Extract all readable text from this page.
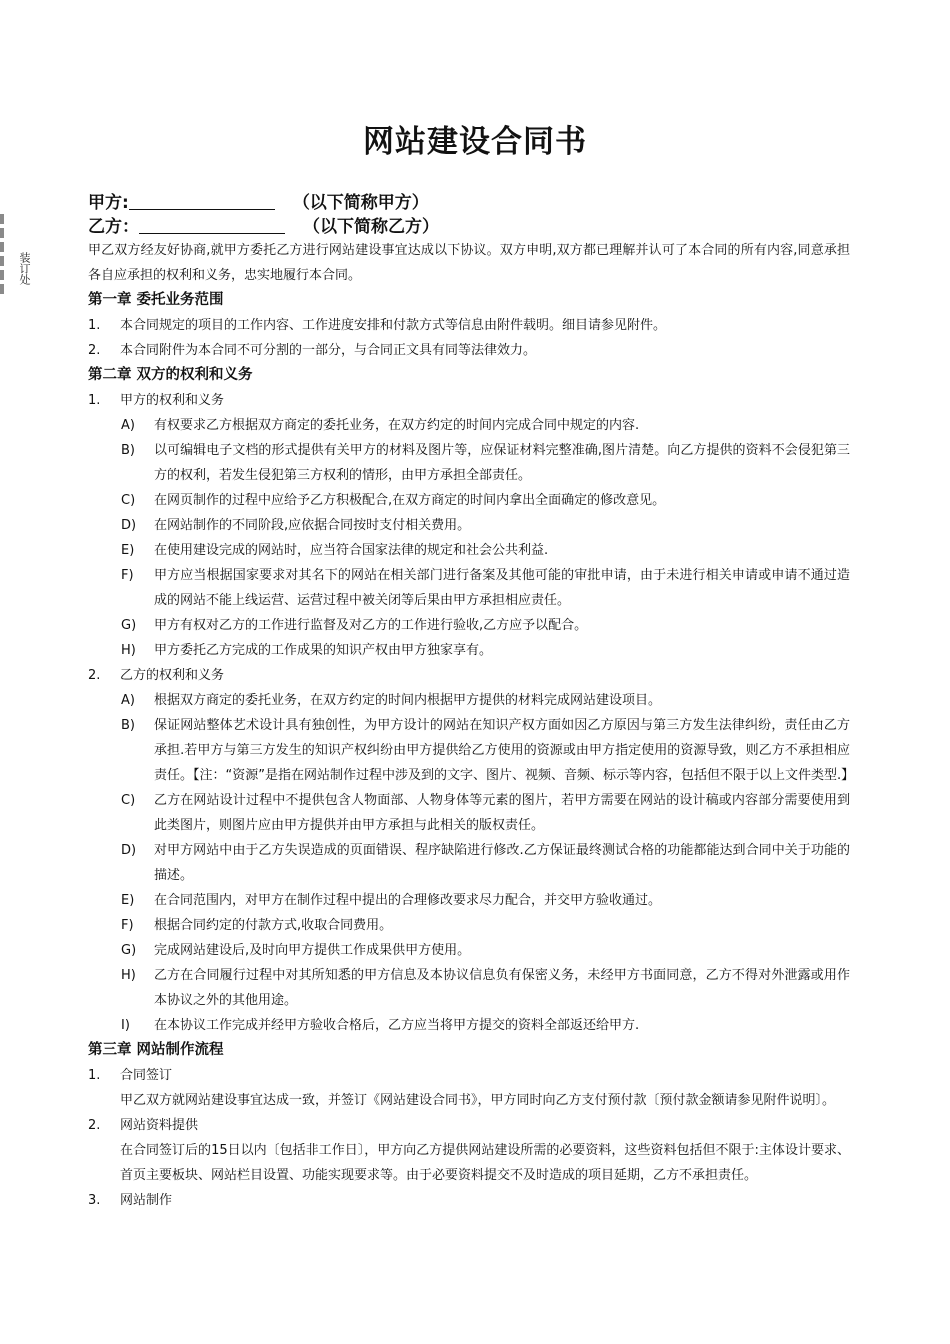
装订处
网站建设合同书
甲方:	（以下简称甲方）
乙方：	（以下简称乙方）
甲乙双方经友好协商,就甲方委托乙方进行网站建设事宜达成以下协议。双方申明,双方都已理解并认可了本合同的所有内容,同意承担各自应承担的权利和义务，忠实地履行本合同。
第一章 委托业务范围
1. 本合同规定的项目的工作内容、工作进度安排和付款方式等信息由附件载明。细目请参见附件。
2. 本合同附件为本合同不可分割的一部分，与合同正文具有同等法律效力。
第二章 双方的权利和义务
1. 甲方的权利和义务
A) 有权要求乙方根据双方商定的委托业务，在双方约定的时间内完成合同中规定的内容.
B) 以可编辑电子文档的形式提供有关甲方的材料及图片等，应保证材料完整准确,图片清楚。向乙方提供的资料不会侵犯第三方的权利，若发生侵犯第三方权利的情形，由甲方承担全部责任。
C) 在网页制作的过程中应给予乙方积极配合,在双方商定的时间内拿出全面确定的修改意见。
D) 在网站制作的不同阶段,应依据合同按时支付相关费用。
E) 在使用建设完成的网站时，应当符合国家法律的规定和社会公共利益.
F) 甲方应当根据国家要求对其名下的网站在相关部门进行备案及其他可能的审批申请，由于未进行相关申请或申请不通过造成的网站不能上线运营、运营过程中被关闭等后果由甲方承担相应责任。
G) 甲方有权对乙方的工作进行监督及对乙方的工作进行验收,乙方应予以配合。
H) 甲方委托乙方完成的工作成果的知识产权由甲方独家享有。
2. 乙方的权利和义务
A) 根据双方商定的委托业务，在双方约定的时间内根据甲方提供的材料完成网站建设项目。
B) 保证网站整体艺术设计具有独创性，为甲方设计的网站在知识产权方面如因乙方原因与第三方发生法律纠纷，责任由乙方承担.若甲方与第三方发生的知识产权纠纷由甲方提供给乙方使用的资源或由甲方指定使用的资源导致，则乙方不承担相应责任。【注：“资源”是指在网站制作过程中涉及到的文字、图片、视频、音频、标示等内容，包括但不限于以上文件类型.】
C) 乙方在网站设计过程中不提供包含人物面部、人物身体等元素的图片，若甲方需要在网站的设计稿或内容部分需要使用到此类图片，则图片应由甲方提供并由甲方承担与此相关的版权责任。
D) 对甲方网站中由于乙方失误造成的页面错误、程序缺陷进行修改.乙方保证最终测试合格的功能都能达到合同中关于功能的描述。
E) 在合同范围内，对甲方在制作过程中提出的合理修改要求尽力配合，并交甲方验收通过。
F) 根据合同约定的付款方式,收取合同费用。
G) 完成网站建设后,及时向甲方提供工作成果供甲方使用。
H) 乙方在合同履行过程中对其所知悉的甲方信息及本协议信息负有保密义务，未经甲方书面同意，乙方不得对外泄露或用作本协议之外的其他用途。
I) 在本协议工作完成并经甲方验收合格后，乙方应当将甲方提交的资料全部返还给甲方.
第三章 网站制作流程
1. 合同签订
甲乙双方就网站建设事宜达成一致，并签订《网站建设合同书》，甲方同时向乙方支付预付款〔预付款金额请参见附件说明〕。
2. 网站资料提供
在合同签订后的15日以内〔包括非工作日〕，甲方向乙方提供网站建设所需的必要资料，这些资料包括但不限于:主体设计要求、首页主要板块、网站栏目设置、功能实现要求等。由于必要资料提交不及时造成的项目延期，乙方不承担责任。
3. 网站制作
